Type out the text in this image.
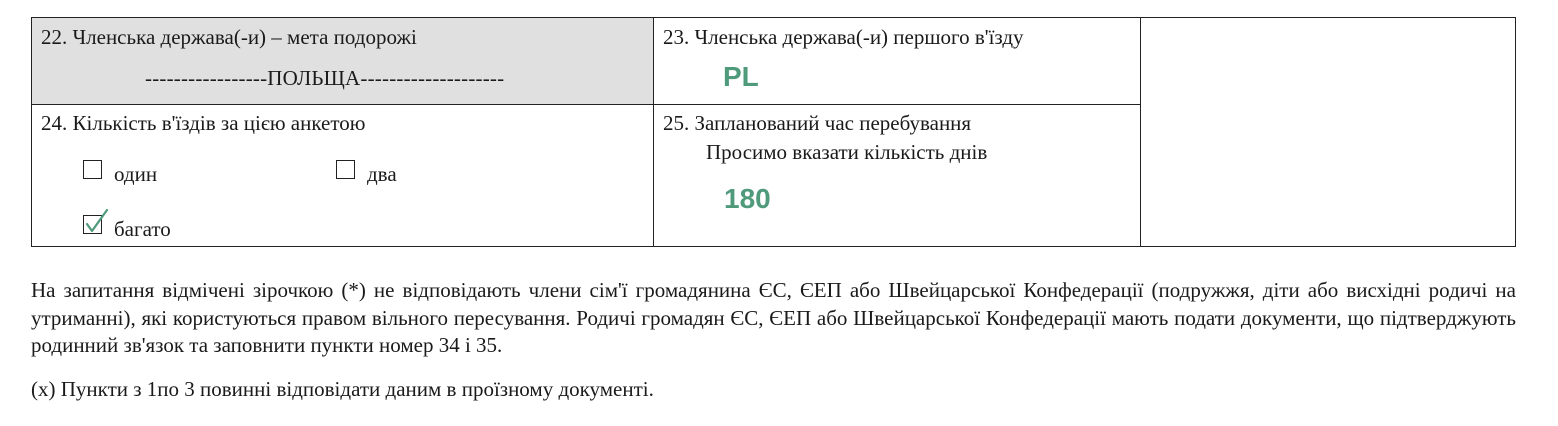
22. Членська держава(-и) – мета подорожі
-----------------ПОЛЬЩА--------------------
23. Членська держава(-и) першого в'їзду
PL
24. Кількість в'їздів за цією анкетою
один	два
багато
25. Запланований час перебування
Просимо вказати кількість днів
180
На запитання відмічені зірочкою (*) не відповідають члени сім'ї громадянина ЄС, ЄЕП або Швейцарської Конфедерації (подружжя, діти або висхідні родичі на утриманні), які користуються правом вільного пересування. Родичі громадян ЄС, ЄЕП або Швейцарської Конфедерації мають подати документи, що підтверджують родинний зв'язок та заповнити пункти номер 34 і 35.
(x) Пункти з 1по 3 повинні відповідати даним в проїзному документі.
